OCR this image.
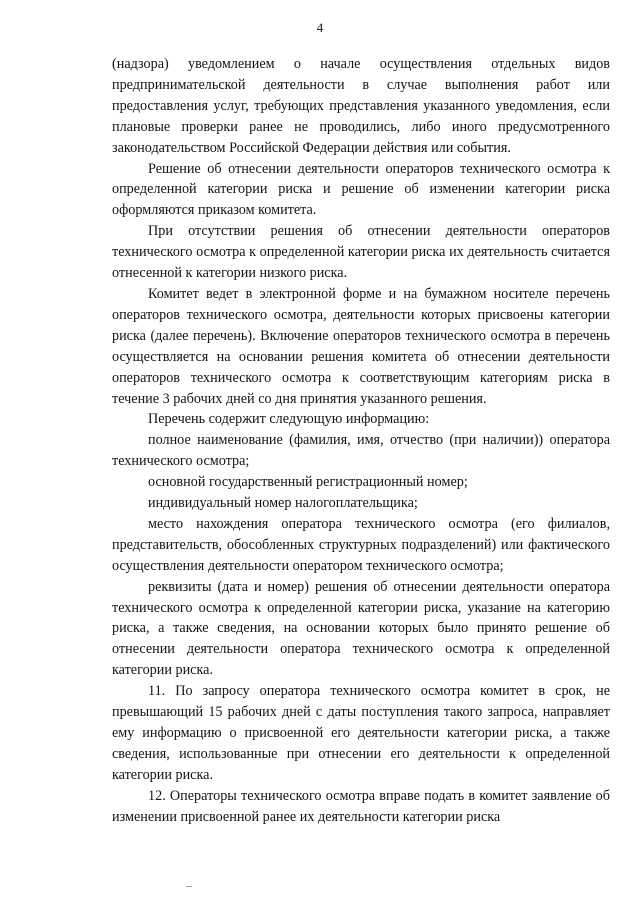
4

(надзора) уведомлением о начале осуществления отдельных видов предпринимательской деятельности в случае выполнения работ или предоставления услуг, требующих представления указанного уведомления, если плановые проверки ранее не проводились, либо иного предусмотренного законодательством Российской Федерации действия или события.

Решение об отнесении деятельности операторов технического осмотра к определенной категории риска и решение об изменении категории риска оформляются приказом комитета.

При отсутствии решения об отнесении деятельности операторов технического осмотра к определенной категории риска их деятельность считается отнесенной к категории низкого риска.

Комитет ведет в электронной форме и на бумажном носителе перечень операторов технического осмотра, деятельности которых присвоены категории риска (далее перечень). Включение операторов технического осмотра в перечень осуществляется на основании решения комитета об отнесении деятельности операторов технического осмотра к соответствующим категориям риска в течение 3 рабочих дней со дня принятия указанного решения.

Перечень содержит следующую информацию:

полное наименование (фамилия, имя, отчество (при наличии)) оператора технического осмотра;

основной государственный регистрационный номер;

индивидуальный номер налогоплательщика;

место нахождения оператора технического осмотра (его филиалов, представительств, обособленных структурных подразделений) или фактического осуществления деятельности оператором технического осмотра;

реквизиты (дата и номер) решения об отнесении деятельности оператора технического осмотра к определенной категории риска, указание на категорию риска, а также сведения, на основании которых было принято решение об отнесении деятельности оператора технического осмотра к определенной категории риска.

11. По запросу оператора технического осмотра комитет в срок, не превышающий 15 рабочих дней с даты поступления такого запроса, направляет ему информацию о присвоенной его деятельности категории риска, а также сведения, использованные при отнесении его деятельности к определенной категории риска.

12. Операторы технического осмотра вправе подать в комитет заявление об изменении присвоенной ранее их деятельности категории риска
